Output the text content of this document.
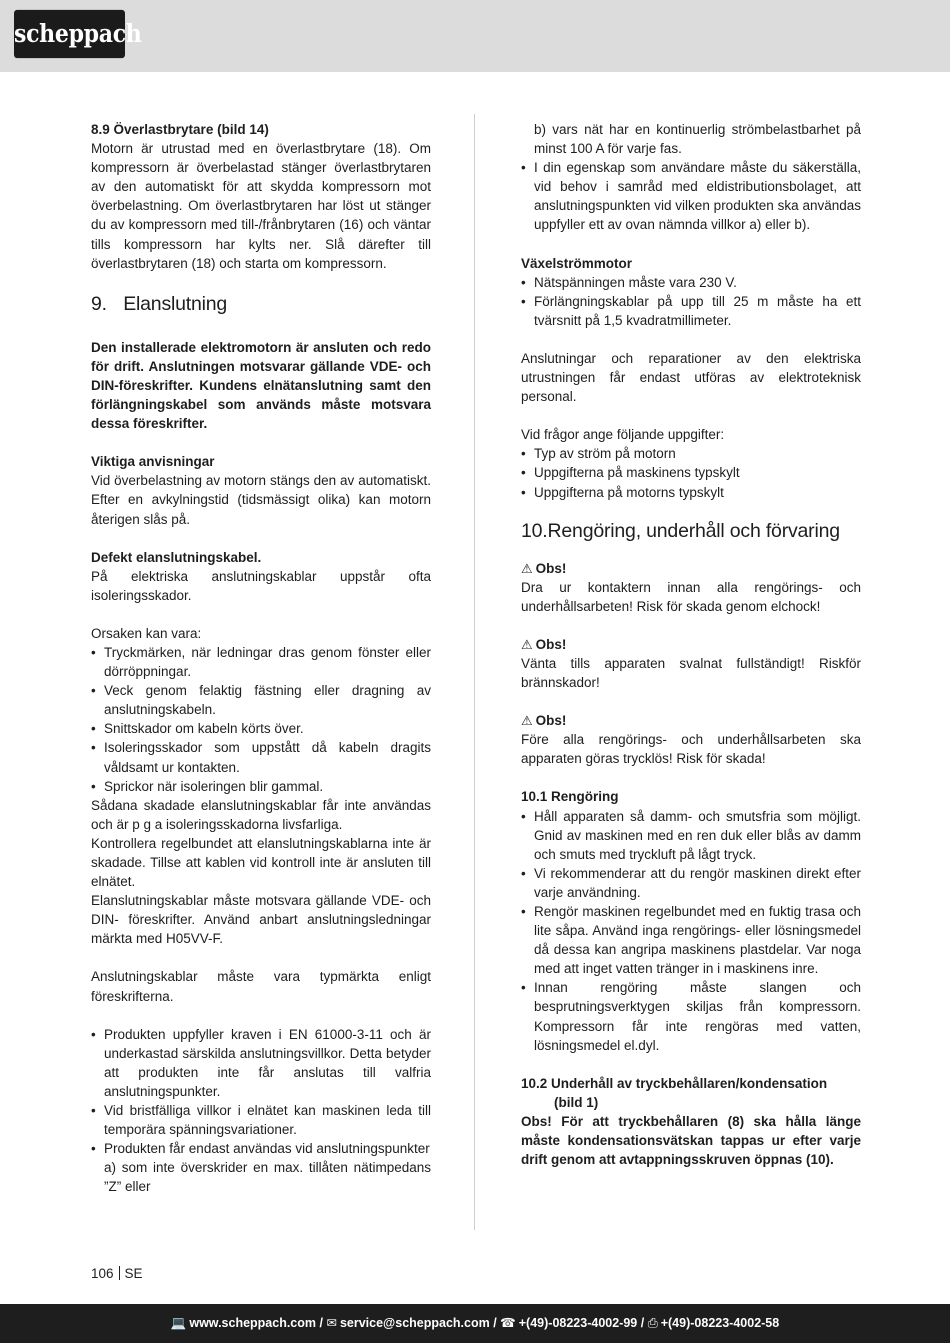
scheppach

8.9 Överlastbrytare (bild 14)

Motorn är utrustad med en överlastbrytare (18). Om kompressorn är överbelastad stänger överlastbrytaren av den automatiskt för att skydda kompressorn mot överbelastning. Om överlastbrytaren har löst ut stänger du av kompressorn med till-/frånbrytaren (16) och väntar tills kompressorn har kylts ner. Slå därefter till överlastbrytaren (18) och starta om kompressorn.

9. Elanslutning

Den installerade elektromotorn är ansluten och redo för drift. Anslutningen motsvarar gällande VDE- och DIN-föreskrifter. Kundens elnätanslutning samt den förlängningskabel som används måste motsvara dessa föreskrifter.

Viktiga anvisningar

Vid överbelastning av motorn stängs den av automatiskt. Efter en avkylningstid (tidsmässigt olika) kan motorn återigen slås på.

Defekt elanslutningskabel.

På elektriska anslutningskablar uppstår ofta isoleringsskador.

Orsaken kan vara:

• Tryckmärken, när ledningar dras genom fönster eller dörröppningar.
• Veck genom felaktig fästning eller dragning av anslutningskabeln.
• Snittskador om kabeln körts över.
• Isoleringsskador som uppstått då kabeln dragits våldsamt ur kontakten.
• Sprickor när isoleringen blir gammal.

Sådana skadade elanslutningskablar får inte användas och är p g a isoleringsskadorna livsfarliga.

Kontrollera regelbundet att elanslutningskablarna inte är skadade. Tillse att kablen vid kontroll inte är ansluten till elnätet.

Elanslutningskablar måste motsvara gällande VDE- och DIN- föreskrifter. Använd anbart anslutningsledningar märkta med H05VV-F.

Anslutningskablar måste vara typmärkta enligt föreskrifterna.

• Produkten uppfyller kraven i EN 61000-3-11 och är underkastad särskilda anslutningsvillkor. Detta betyder att produkten inte får anslutas till valfria anslutningspunkter.
• Vid bristfälliga villkor i elnätet kan maskinen leda till temporära spänningsvariationer.
• Produkten får endast användas vid anslutningspunkter
a) som inte överskrider en max. tillåten nätimpedans ”Z” eller

b) vars nät har en kontinuerlig strömbelastbarhet på minst 100 A för varje fas.

• I din egenskap som användare måste du säkerställa, vid behov i samråd med eldistributionsbolaget, att anslutningspunkten vid vilken produkten ska användas uppfyller ett av ovan nämnda villkor a) eller b).

Växelströmmotor

• Nätspänningen måste vara 230 V.
• Förlängningskablar på upp till 25 m måste ha ett tvärsnitt på 1,5 kvadratmillimeter.

Anslutningar och reparationer av den elektriska utrustningen får endast utföras av elektroteknisk personal.

Vid frågor ange följande uppgifter:

• Typ av ström på motorn
• Uppgifterna på maskinens typskylt
• Uppgifterna på motorns typskylt
10.Rengöring, underhåll och förvaring

⚠ Obs!

Dra ur kontaktern innan alla rengörings- och underhållsarbeten! Risk för skada genom elchock!

⚠ Obs!

Vänta tills apparaten svalnat fullständigt! Riskför brännskador!

⚠ Obs!

Före alla rengörings- och underhållsarbeten ska apparaten göras trycklös! Risk för skada!

10.1 Rengöring

• Håll apparaten så damm- och smutsfria som möjligt. Gnid av maskinen med en ren duk eller blås av damm och smuts med tryckluft på lågt tryck.
• Vi rekommenderar att du rengör maskinen direkt efter varje användning.
• Rengör maskinen regelbundet med en fuktig trasa och lite såpa. Använd inga rengörings- eller lösningsmedel då dessa kan angripa maskinens plastdelar. Var noga med att inget vatten tränger in i maskinens inre.
• Innan rengöring måste slangen och besprutningsverktygen skiljas från kompressorn. Kompressorn får inte rengöras med vatten, lösningsmedel el.dyl.

10.2 Underhåll av tryckbehållaren/kondensation

(bild 1)

Obs! För att tryckbehållaren (8) ska hålla länge måste kondensationsvätskan tappas ur efter varje drift genom att avtappningsskruven öppnas (10).

106 SE
💻 www.scheppach.com / ✉ service@scheppach.com / ☎ +(49)-08223-4002-99 / ⎙ +(49)-08223-4002-58
